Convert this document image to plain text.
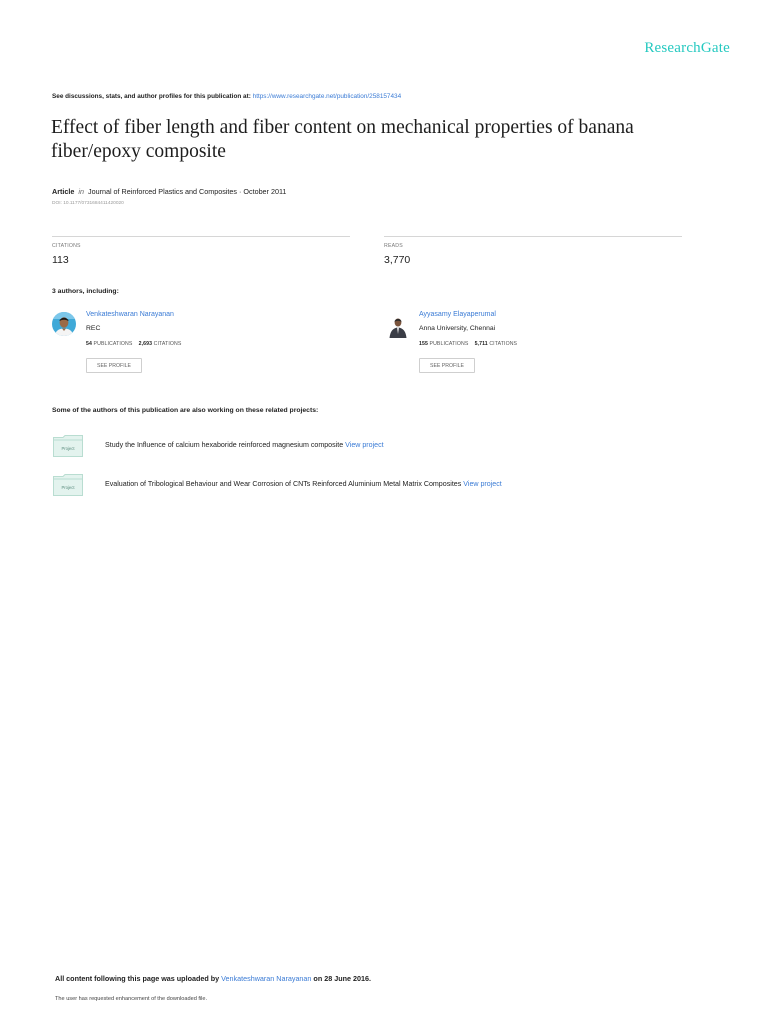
ResearchGate
See discussions, stats, and author profiles for this publication at: https://www.researchgate.net/publication/258157434
Effect of fiber length and fiber content on mechanical properties of banana fiber/epoxy composite
Article in Journal of Reinforced Plastics and Composites · October 2011
DOI: 10.1177/0731684411420020
CITATIONS
113
READS
3,770
3 authors, including:
Venkateshwaran Narayanan
REC
54 PUBLICATIONS 2,693 CITATIONS
SEE PROFILE
Ayyasamy Elayaperumal
Anna University, Chennai
155 PUBLICATIONS 5,711 CITATIONS
SEE PROFILE
Some of the authors of this publication are also working on these related projects:
Project	Study the Influence of calcium hexaboride reinforced magnesium composite View project
Project	Evaluation of Tribological Behaviour and Wear Corrosion of CNTs Reinforced Aluminium Metal Matrix Composites View project
All content following this page was uploaded by Venkateshwaran Narayanan on 28 June 2016.
The user has requested enhancement of the downloaded file.
